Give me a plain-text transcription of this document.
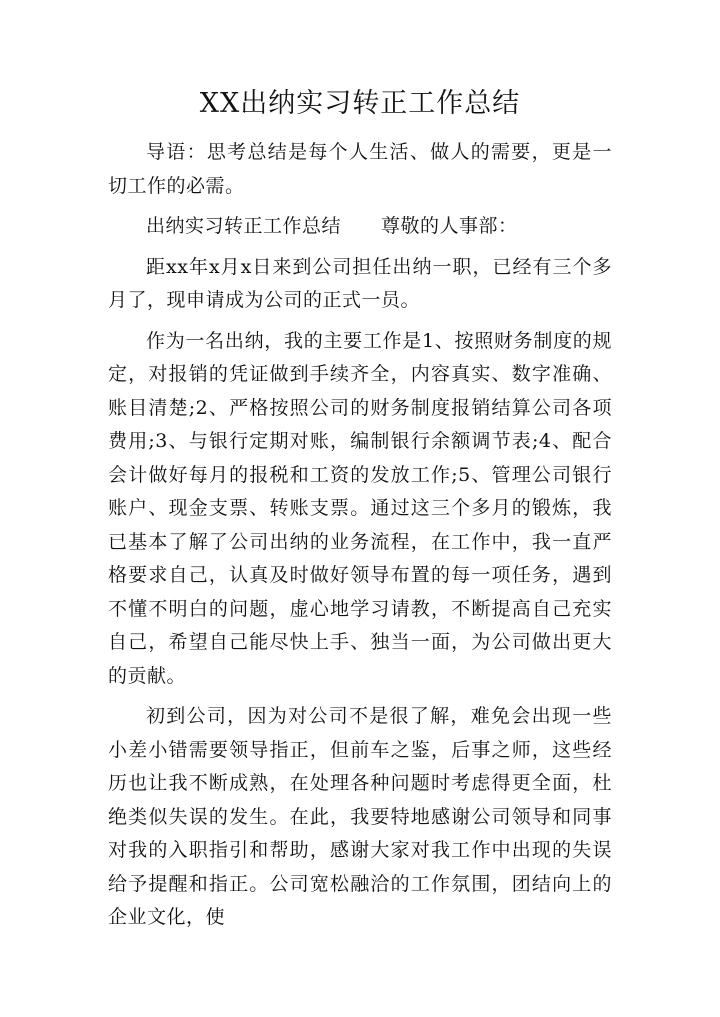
XX出纳实习转正工作总结

导语：思考总结是每个人生活、做人的需要，更是一切工作的必需。

出纳实习转正工作总结 尊敬的人事部：

距xx年x月x日来到公司担任出纳一职，已经有三个多月了，现申请成为公司的正式一员。

作为一名出纳，我的主要工作是1、按照财务制度的规定，对报销的凭证做到手续齐全，内容真实、数字准确、账目清楚;2、严格按照公司的财务制度报销结算公司各项费用;3、与银行定期对账，编制银行余额调节表;4、配合会计做好每月的报税和工资的发放工作;5、管理公司银行账户、现金支票、转账支票。通过这三个多月的锻炼，我已基本了解了公司出纳的业务流程，在工作中，我一直严格要求自己，认真及时做好领导布置的每一项任务，遇到不懂不明白的问题，虚心地学习请教，不断提高自己充实自己，希望自己能尽快上手、独当一面，为公司做出更大的贡献。

初到公司，因为对公司不是很了解，难免会出现一些小差小错需要领导指正，但前车之鉴，后事之师，这些经历也让我不断成熟，在处理各种问题时考虑得更全面，杜绝类似失误的发生。在此，我要特地感谢公司领导和同事对我的入职指引和帮助，感谢大家对我工作中出现的失误给予提醒和指正。公司宽松融洽的工作氛围，团结向上的企业文化，使
